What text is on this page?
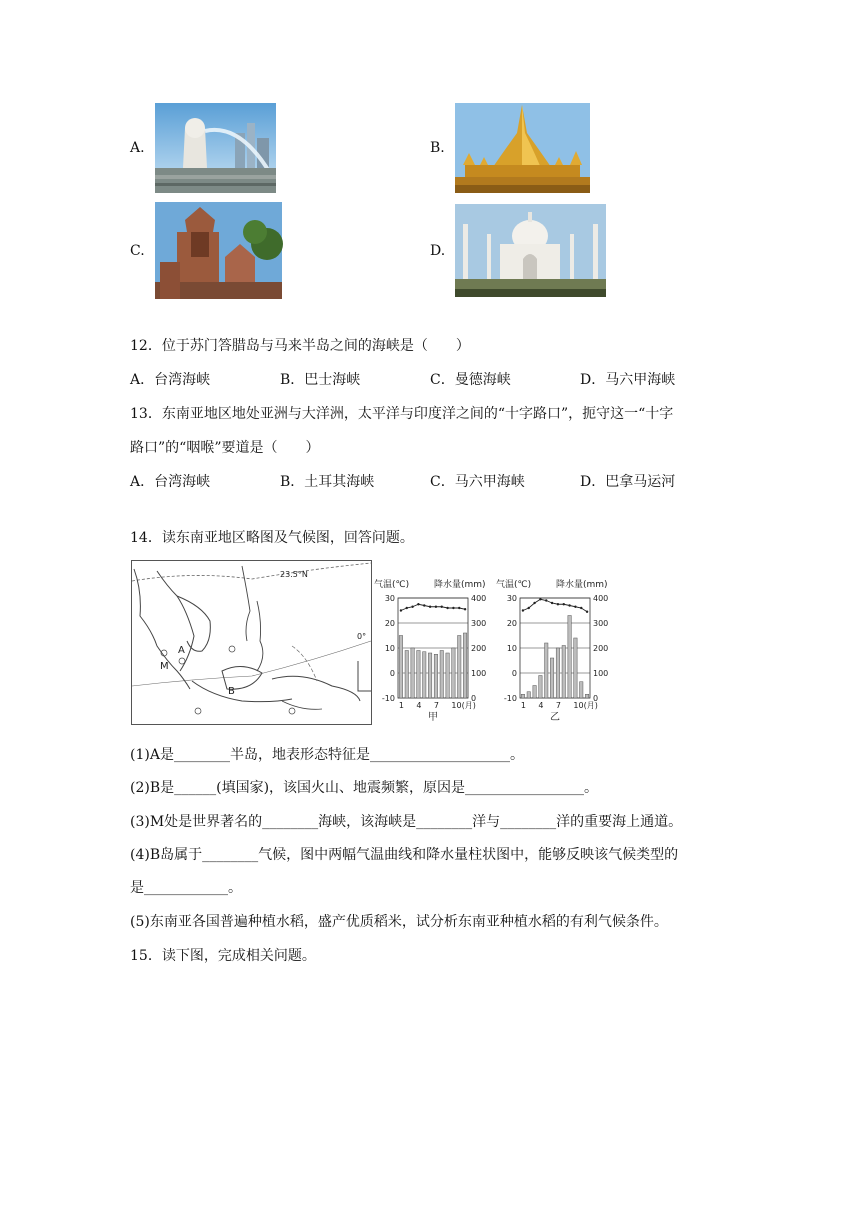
A.	B.
C.	D.
12．位于苏门答腊岛与马来半岛之间的海峡是（　　）
A．台湾海峡	B．巴士海峡	C．曼德海峡	D．马六甲海峡
13．东南亚地区地处亚洲与大洋洲，太平洋与印度洋之间的“十字路口”，扼守这一“十字
路口”的“咽喉”要道是（　　）
A．台湾海峡	B．土耳其海峡	C．马六甲海峡	D．巴拿马运河
14．读东南亚地区略图及气候图，回答问题。
23.5°N
0°
A
B
M
气温(℃)	降水量(mm)
30
20
10
0
-10
400
300
200
100
0
1 4 7 10(月)
甲
气温(℃)	降水量(mm)
30
20
10
0
-10
400
300
200
100
0
1 4 7 10(月)
乙
(1)A是________半岛，地表形态特征是____________________。
(2)B是______(填国家)，该国火山、地震频繁，原因是_________________。
(3)M处是世界著名的________海峡，该海峡是________洋与________洋的重要海上通道。
(4)B岛属于________气候，图中两幅气温曲线和降水量柱状图中，能够反映该气候类型的
是____________。
(5)东南亚各国普遍种植水稻，盛产优质稻米，试分析东南亚种植水稻的有利气候条件。
15．读下图，完成相关问题。
